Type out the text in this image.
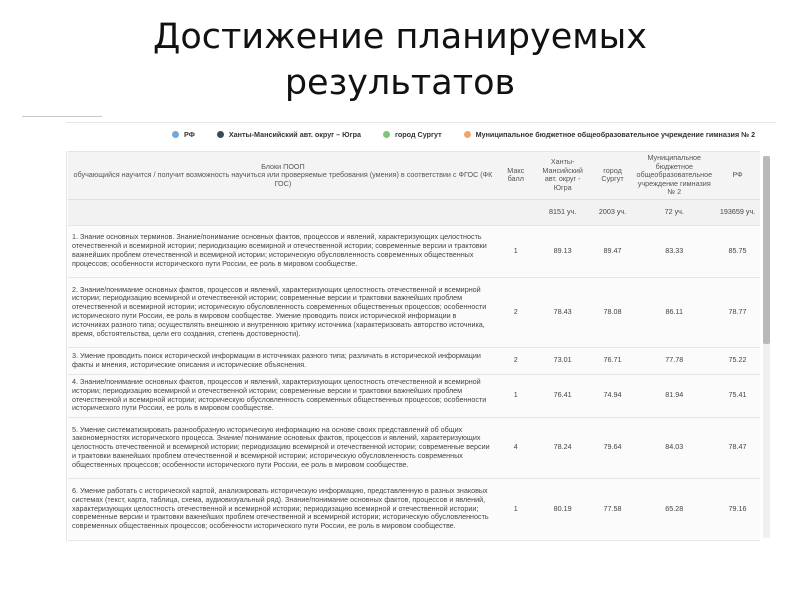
Достижение планируемых
результатов
РФ	Ханты-Мансийский авт. округ – Югра	город Сургут	Муниципальное бюджетное общеобразовательное учреждение гимназия № 2
Блоки ПООП
обучающийся научится / получит возможность научиться или проверяемые требования (умения) в соответствии с ФГОС (ФК ГОС)	Макс балл	Ханты-Мансийский авт. округ - Югра	город Сургут	Муниципальное бюджетное общеобразовательное учреждение гимназия № 2	РФ
		8151 уч.	2003 уч.	72 уч.	193659 уч.
1. Знание основных терминов. Знание/понимание основных фактов, процессов и явлений, характеризующих целостность отечественной и всемирной истории; периодизацию всемирной и отечественной истории; современные версии и трактовки важнейших проблем отечественной и всемирной истории; историческую обусловленность современных общественных процессов; особенности исторического пути России, ее роль в мировом сообществе.	1	89.13	89.47	83.33	85.75
2. Знание/понимание основных фактов, процессов и явлений, характеризующих целостность отечественной и всемирной истории; периодизацию всемирной и отечественной истории; современные версии и трактовки важнейших проблем отечественной и всемирной истории; историческую обусловленность современных общественных процессов; особенности исторического пути России, ее роль в мировом сообществе. Умение проводить поиск исторической информации в источниках разного типа; осуществлять внешнюю и внутреннюю критику источника (характеризовать авторство источника, время, обстоятельства, цели его создания, степень достоверности).	2	78.43	78.08	86.11	78.77
3. Умение проводить поиск исторической информации в источниках разного типа; различать в исторической информации факты и мнения, исторические описания и исторические объяснения.	2	73.01	76.71	77.78	75.22
4. Знание/понимание основных фактов, процессов и явлений, характеризующих целостность отечественной и всемирной истории; периодизацию всемирной и отечественной истории; современные версии и трактовки важнейших проблем отечественной и всемирной истории; историческую обусловленность современных общественных процессов; особенности исторического пути России, ее роль в мировом сообществе.	1	76.41	74.94	81.94	75.41
5. Умение систематизировать разнообразную историческую информацию на основе своих представлений об общих закономерностях исторического процесса. Знание/ понимание основных фактов, процессов и явлений, характеризующих целостность отечественной и всемирной истории; периодизацию всемирной и отечественной истории; современные версии и трактовки важнейших проблем отечественной и всемирной истории; историческую обусловленность современных общественных процессов; особенности исторического пути России, ее роль в мировом сообществе.	4	78.24	79.64	84.03	78.47
6. Умение работать с исторической картой, анализировать историческую информацию, представленную в разных знаковых системах (текст, карта, таблица, схема, аудиовизуальный ряд). Знание/понимание основных фактов, процессов и явлений, характеризующих целостность отечественной и всемирной истории; периодизацию всемирной и отечественной истории; современные версии и трактовки важнейших проблем отечественной и всемирной истории; историческую обусловленность современных общественных процессов; особенности исторического пути России, ее роль в мировом сообществе.	1	80.19	77.58	65.28	79.16
